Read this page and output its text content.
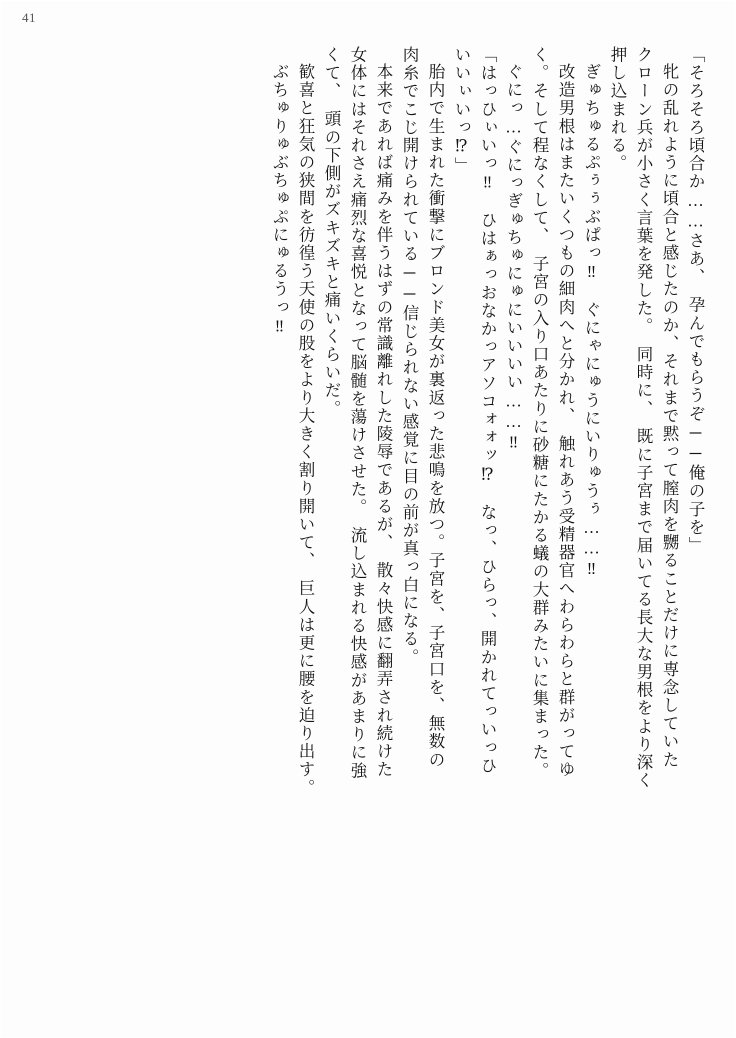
41
「そろそろ頃合か……さあ、　孕んでもらうぞ──俺の子を」
牝の乱れように頃合と感じたのか、それまで黙って膣肉を嬲ることだけに専念していた
クローン兵が小さく言葉を発した。　同時に、　既に子宮まで届いてる長大な男根をより深く
押し込まれる。
ぎゅちゅるぷぅぅぶぱっ‼　ぐにゃにゅうにいりゅうぅ……‼
改造男根はまたいくつもの細肉へと分かれ、　触れあう受精器官へわらわらと群がってゆ
く。そして程なくして、　子宮の入り口あたりに砂糖にたかる蟻の大群みたいに集まった。
ぐにっ…ぐにっぎゅちゅにゅにいいいい……‼
「はっひぃいっ‼　ひはぁっおなかっアソコォォッ⁉　なっ、ひらっ、開かれてっいっひ
いいぃいっ⁉」
胎内で生まれた衝撃にブロンド美女が裏返った悲鳴を放つ。子宮を、子宮口を、無数の
肉糸でこじ開けられている──信じられない感覚に目の前が真っ白になる。
本来であれば痛みを伴うはずの常識離れした陵辱であるが、　散々快感に翻弄され続けた
女体にはそれさえ痛烈な喜悦となって脳髄を蕩けさせた。　流し込まれる快感があまりに強
くて、　頭の下側がズキズキと痛いくらいだ。
歓喜と狂気の狭間を彷徨う天使の股をより大きく割り開いて、　巨人は更に腰を迫り出す。
ぶちゅりゅぶちゅぷにゅるうっ‼
